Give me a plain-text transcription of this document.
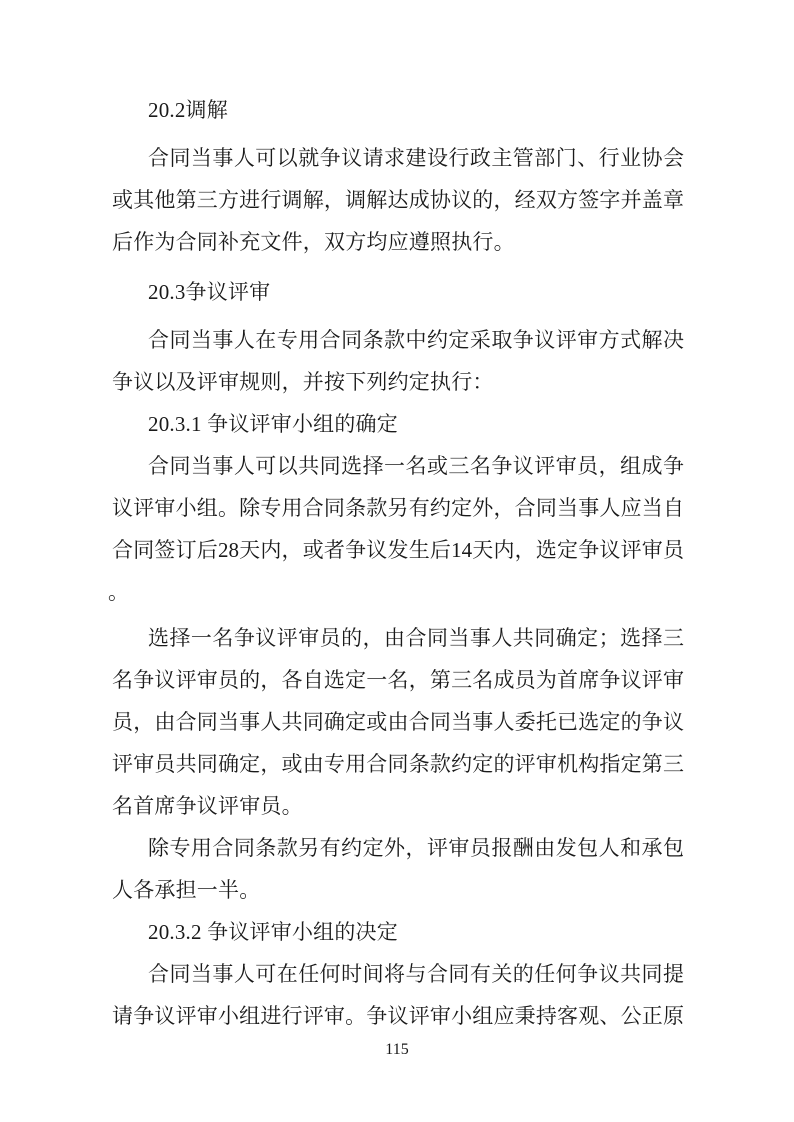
20.2调解
合同当事人可以就争议请求建设行政主管部门、行业协会
或其他第三方进行调解，调解达成协议的，经双方签字并盖章
后作为合同补充文件，双方均应遵照执行。
20.3争议评审
合同当事人在专用合同条款中约定采取争议评审方式解决
争议以及评审规则，并按下列约定执行：
20.3.1 争议评审小组的确定
合同当事人可以共同选择一名或三名争议评审员，组成争
议评审小组。除专用合同条款另有约定外，合同当事人应当自
合同签订后28天内，或者争议发生后14天内，选定争议评审员
。
选择一名争议评审员的，由合同当事人共同确定；选择三
名争议评审员的，各自选定一名，第三名成员为首席争议评审
员，由合同当事人共同确定或由合同当事人委托已选定的争议
评审员共同确定，或由专用合同条款约定的评审机构指定第三
名首席争议评审员。
除专用合同条款另有约定外，评审员报酬由发包人和承包
人各承担一半。
20.3.2 争议评审小组的决定
合同当事人可在任何时间将与合同有关的任何争议共同提
请争议评审小组进行评审。争议评审小组应秉持客观、公正原
115
